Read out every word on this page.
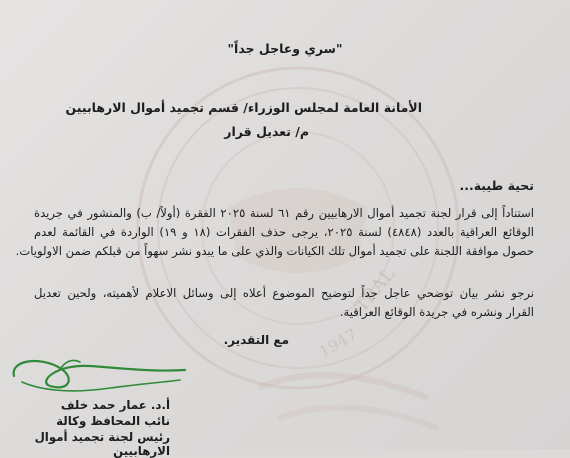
TRAL
1947
"سري وعاجل جداً"
الأمانة العامة لمجلس الوزراء/ قسم تجميد أموال الارهابيين
م/ تعديل قرار
تحية طيبة...
استناداً إلى قرار لجنة تجميد أموال الارهابيين رقم ٦١ لسنة ٢٠٢٥ الفقرة (أولاً/ ب) والمنشور في جريدة
الوقائع العراقية بالعدد (٤٨٤٨) لسنة ٢٠٢٥، يرجى حذف الفقرات (١٨ و ١٩) الواردة في القائمة لعدم
حصول موافقة اللجنة على تجميد أموال تلك الكيانات والذي على ما يبدو نشر سهواً من قبلكم ضمن الاولويات.
نرجو نشر بيان توضحي عاجل جداً لتوضيح الموضوع أعلاه إلى وسائل الاعلام لأهميته، ولحين تعديل
القرار ونشره في جريدة الوقائع العراقية.
مع التقدير.
أ.د. عمار حمد خلف
نائب المحافظ وكالة
رئيس لجنة تجميد أموال الارهابيين
